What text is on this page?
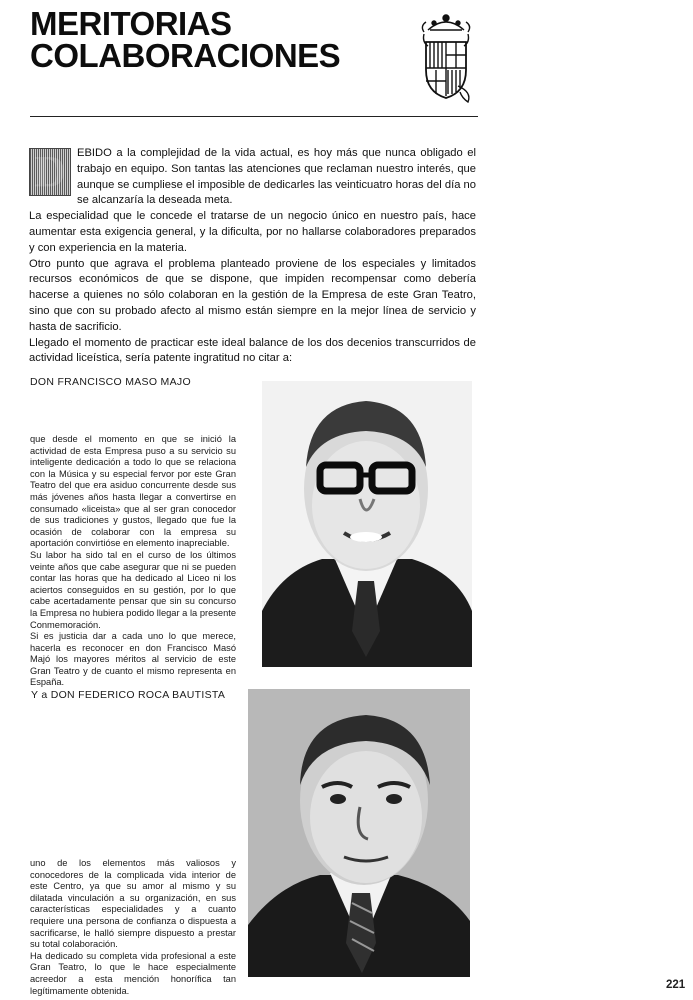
MERITORIAS
COLABORACIONES
D EBIDO a la complejidad de la vida actual, es hoy más que nunca obligado el trabajo en equipo. Son tantas las atenciones que reclaman nuestro interés, que aunque se cumpliese el imposible de dedicarles las veinticuatro horas del día no se alcanzaría la deseada meta.

La especialidad que le concede el tratarse de un negocio único en nuestro país, hace aumentar esta exigencia general, y la dificulta, por no hallarse colaboradores preparados y con experiencia en la materia.

Otro punto que agrava el problema planteado proviene de los especiales y limitados recursos económicos de que se dispone, que impiden recompensar como debería hacerse a quienes no sólo colaboran en la gestión de la Empresa de este Gran Teatro, sino que con su probado afecto al mismo están siempre en la mejor línea de servicio y hasta de sacrificio.

Llegado el momento de practicar este ideal balance de los dos decenios transcurridos de actividad liceística, sería patente ingratitud no citar a:

DON FRANCISCO MASO MAJO

que desde el momento en que se inició la actividad de esta Empresa puso a su servicio su inteligente dedicación a todo lo que se relaciona con la Música y su especial fervor por este Gran Teatro del que era asiduo concurrente desde sus más jóvenes años hasta llegar a convertirse en consumado «liceista» que al ser gran conocedor de sus tradiciones y gustos, llegado que fue la ocasión de colaborar con la empresa su aportación convirtióse en elemento inapreciable.

Su labor ha sido tal en el curso de los últimos veinte años que cabe asegurar que ni se pueden contar las horas que ha dedicado al Liceo ni los aciertos conseguidos en su gestión, por lo que cabe acertadamente pensar que sin su concurso la Empresa no hubiera podido llegar a la presente Conmemoración.

Si es justicia dar a cada uno lo que merece, hacerla es reconocer en don Francisco Masó Majó los mayores méritos al servicio de este Gran Teatro y de cuanto el mismo representa en España.

Y a DON FEDERICO ROCA BAUTISTA

uno de los elementos más valiosos y conocedores de la complicada vida interior de este Centro, ya que su amor al mismo y su dilatada vinculación a su organización, en sus características especialidades y a cuanto requiere una persona de confianza o dispuesta a sacrificarse, le halló siempre dispuesto a prestar su total colaboración.

Ha dedicado su completa vida profesional a este Gran Teatro, lo que le hace especialmente acreedor a esta mención honorífica tan legítimamente obtenida.	221
